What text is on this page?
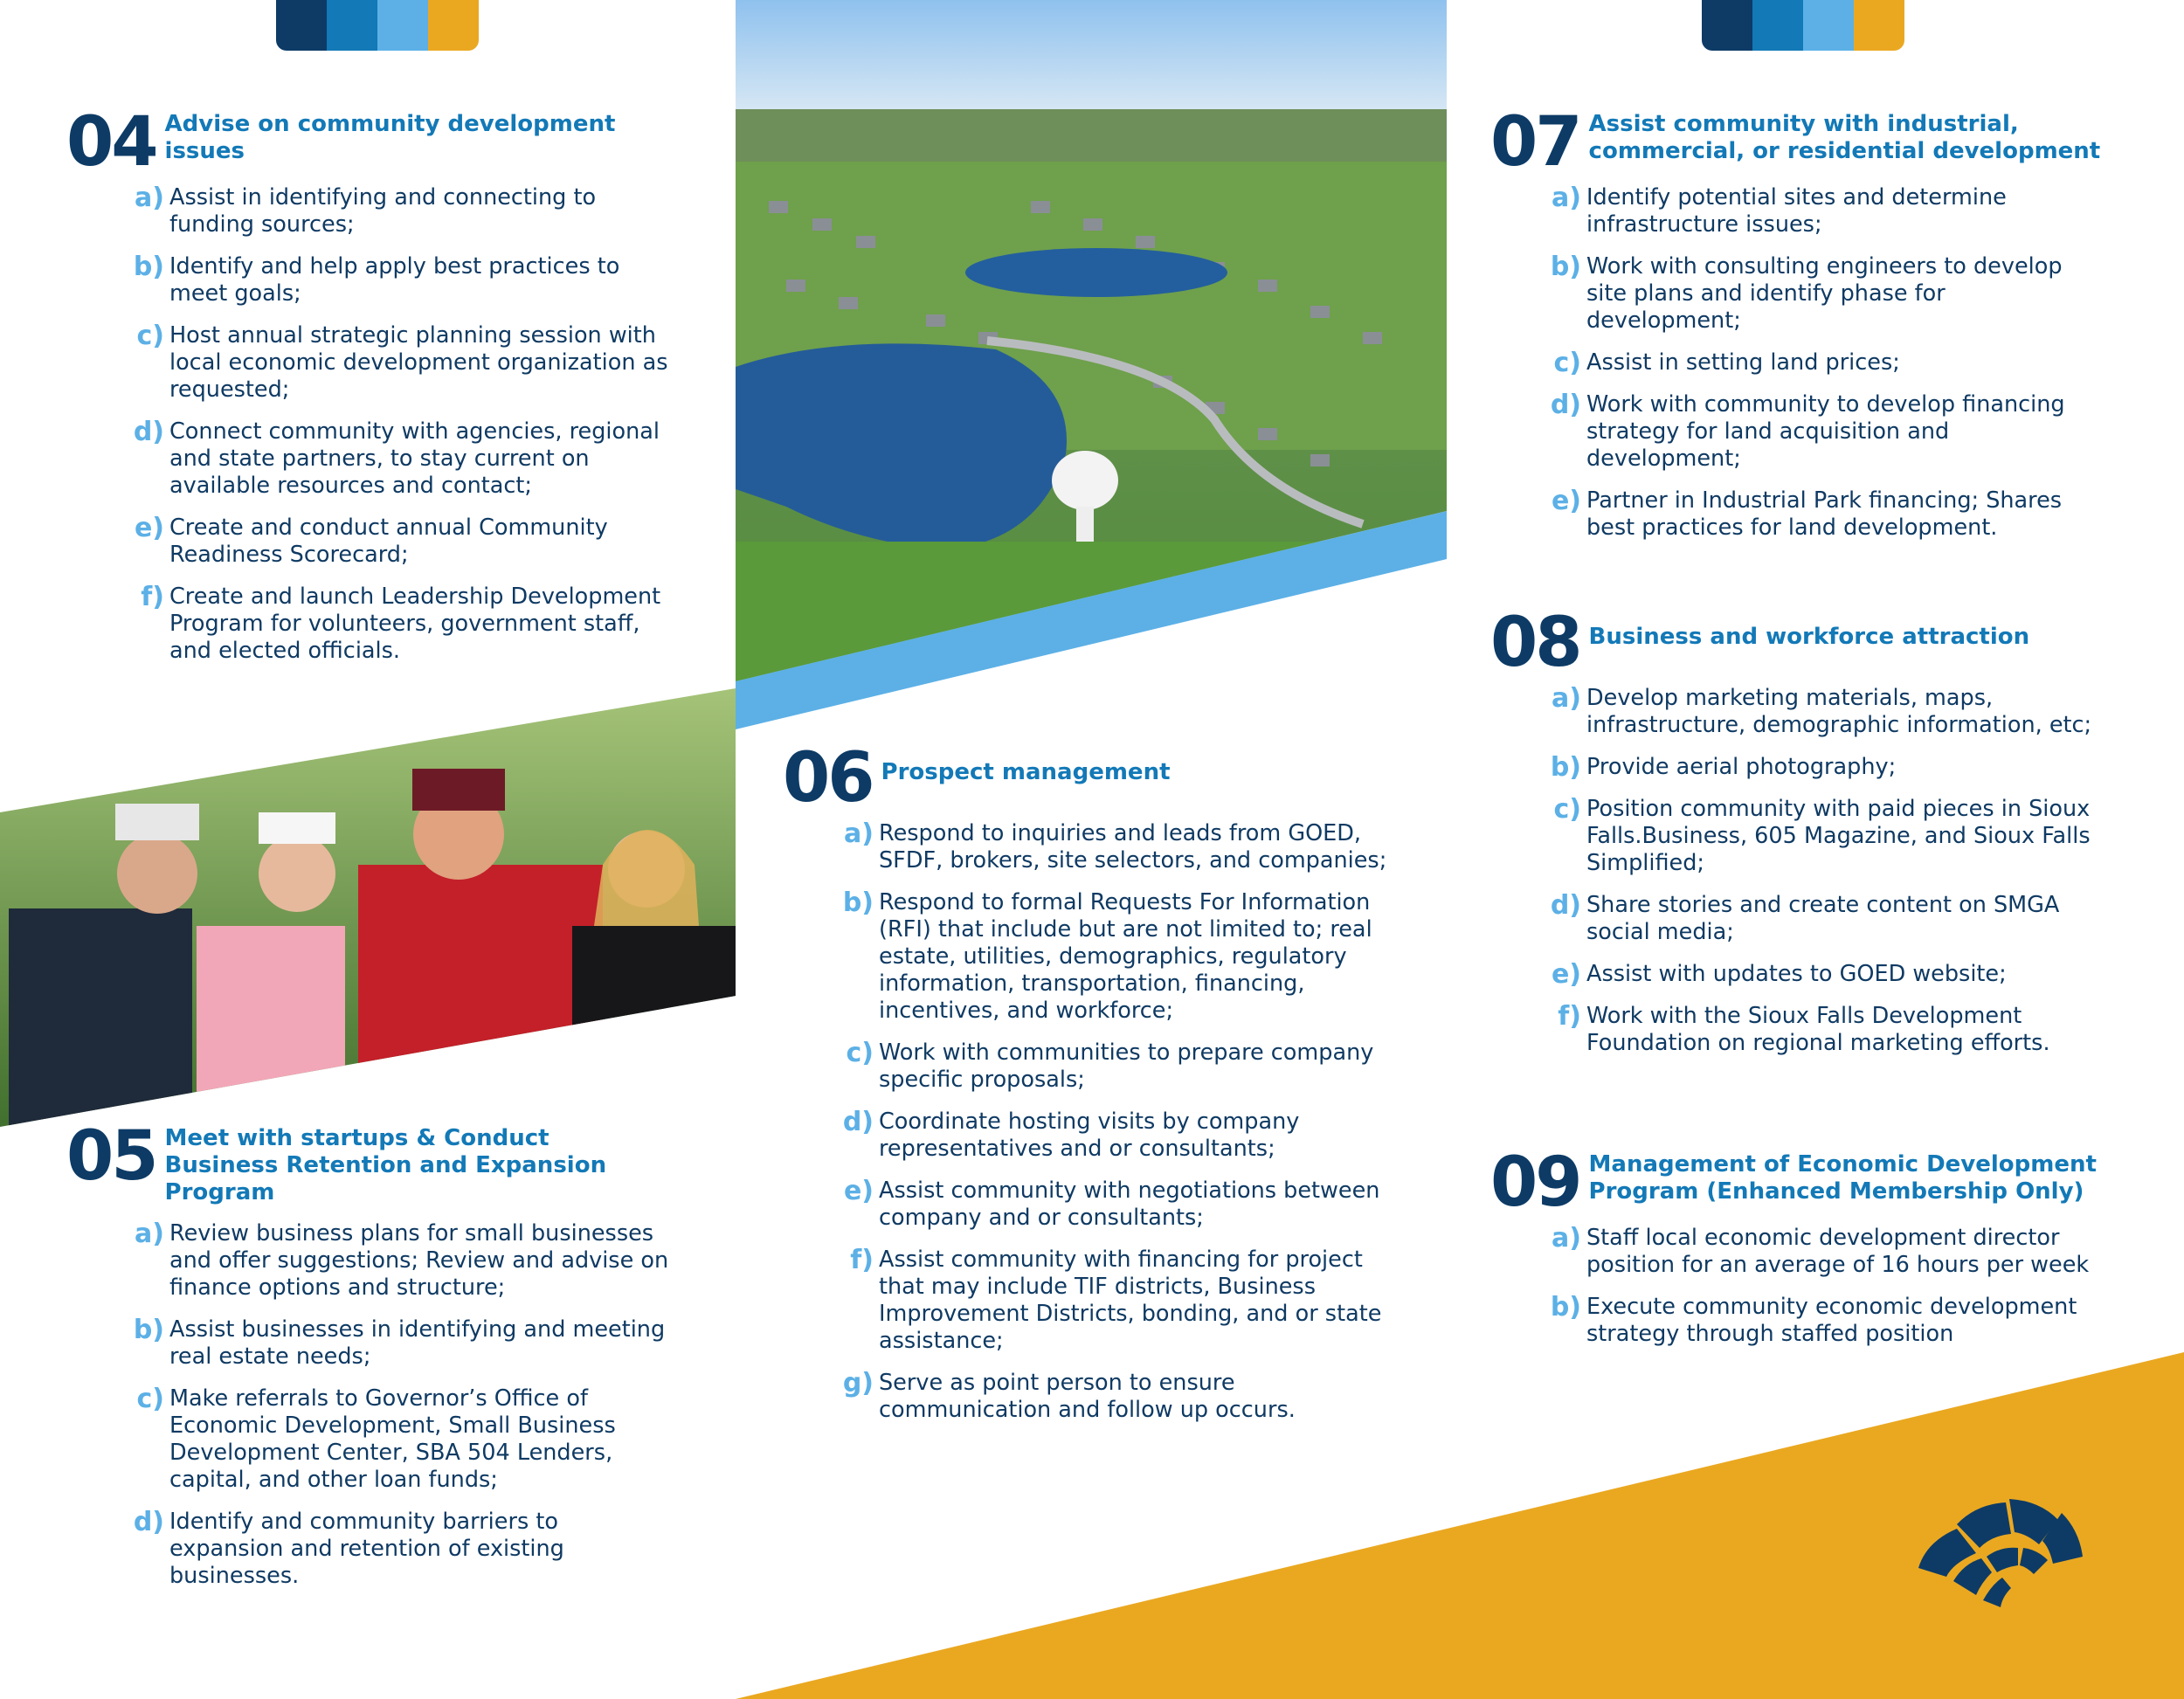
04 Advise on community development issues
a) Assist in identifying and connecting to funding sources;
b) Identify and help apply best practices to meet goals;
c) Host annual strategic planning session with local economic development organization as requested;
d) Connect community with agencies, regional and state partners, to stay current on available resources and contact;
e) Create and conduct annual Community Readiness Scorecard;
f) Create and launch Leadership Development Program for volunteers, government staff, and elected officials.
05 Meet with startups & Conduct Business Retention and Expansion Program
a) Review business plans for small businesses and offer suggestions; Review and advise on finance options and structure;
b) Assist businesses in identifying and meeting real estate needs;
c) Make referrals to Governor’s Office of Economic Development, Small Business Development Center, SBA 504 Lenders, capital, and other loan funds;
d) Identify and community barriers to expansion and retention of existing businesses.
06 Prospect management
a) Respond to inquiries and leads from GOED, SFDF, brokers, site selectors, and companies;
b) Respond to formal Requests For Information (RFI) that include but are not limited to; real estate, utilities, demographics, regulatory information, transportation, financing, incentives, and workforce;
c) Work with communities to prepare company specific proposals;
d) Coordinate hosting visits by company representatives and or consultants;
e) Assist community with negotiations between company and or consultants;
f) Assist community with financing for project that may include TIF districts, Business Improvement Districts, bonding, and or state assistance;
g) Serve as point person to ensure communication and follow up occurs.
07 Assist community with industrial, commercial, or residential development
a) Identify potential sites and determine infrastructure issues;
b) Work with consulting engineers to develop site plans and identify phase for development;
c) Assist in setting land prices;
d) Work with community to develop financing strategy for land acquisition and development;
e) Partner in Industrial Park financing; Shares best practices for land development.
08 Business and workforce attraction
a) Develop marketing materials, maps, infrastructure, demographic information, etc;
b) Provide aerial photography;
c) Position community with paid pieces in Sioux Falls.Business, 605 Magazine, and Sioux Falls Simplified;
d) Share stories and create content on SMGA social media;
e) Assist with updates to GOED website;
f) Work with the Sioux Falls Development Foundation on regional marketing efforts.
09 Management of Economic Development Program (Enhanced Membership Only)
a) Staff local economic development director position for an average of 16 hours per week
b) Execute community economic development strategy through staffed position
